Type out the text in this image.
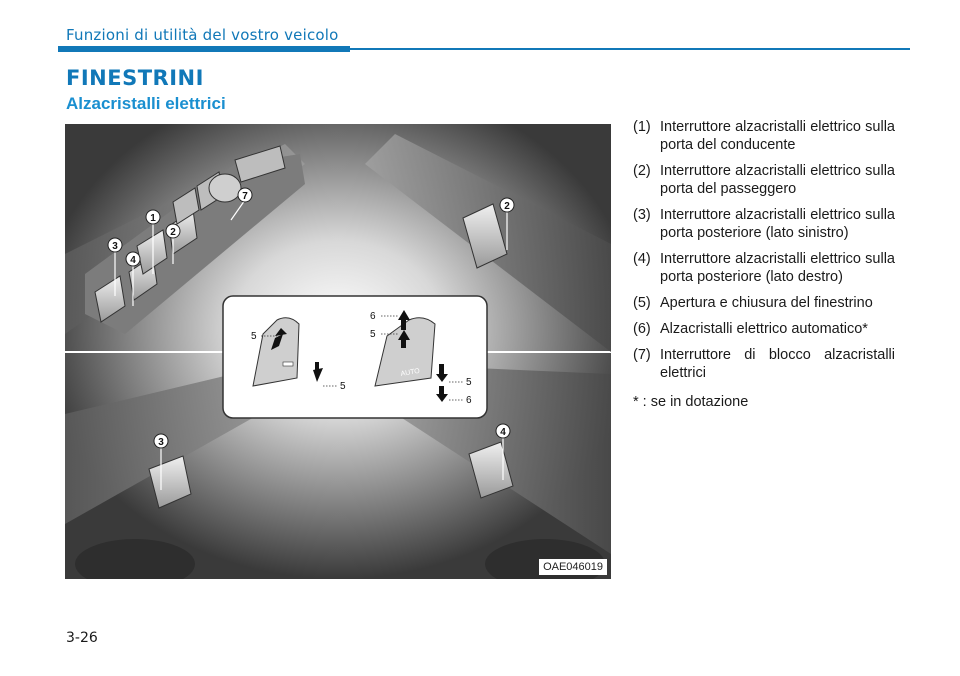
Funzioni di utilità del vostro veicolo
FINESTRINI
Alzacristalli elettrici
1
2
3
4
7
2
3
4
AUTO
5
5
6
5
5
6
OAE046019
(1) Interruttore alzacristalli elettrico sulla porta del conducente
(2) Interruttore alzacristalli elettrico sulla porta del passeggero
(3) Interruttore alzacristalli elettrico sulla porta posteriore (lato sinistro)
(4) Interruttore alzacristalli elettrico sulla porta posteriore (lato destro)
(5) Apertura e chiusura del finestrino
(6) Alzacristalli elettrico automatico*
(7) Interruttore di blocco alzacristalli elettrici
* : se in dotazione
3-26
